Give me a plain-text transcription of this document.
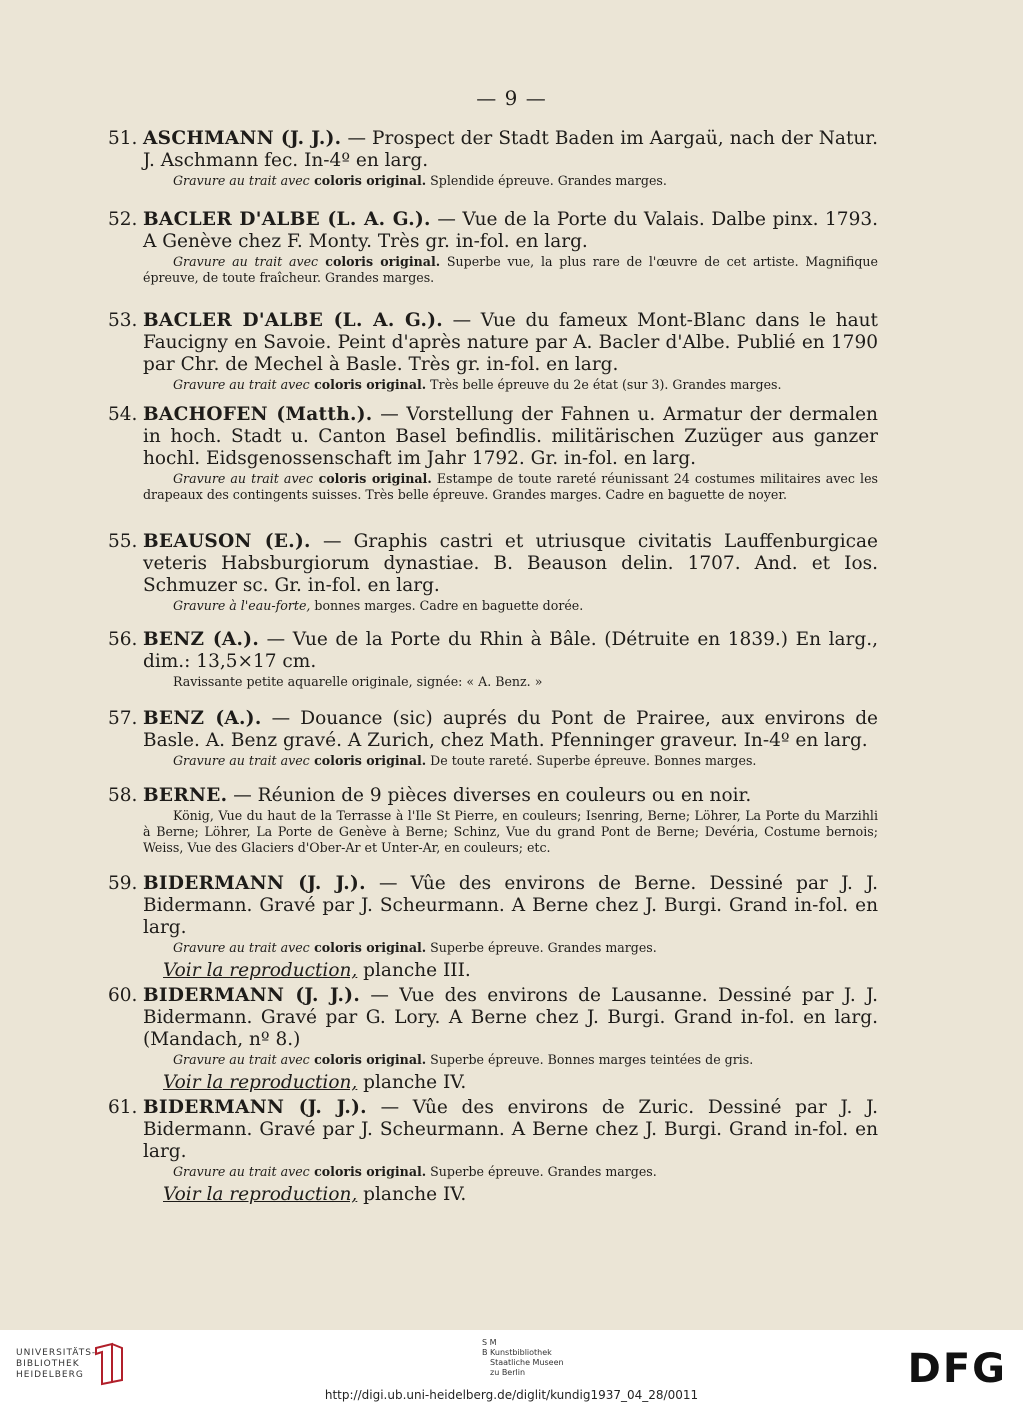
— 9 —
51. ASCHMANN (J. J.). — Prospect der Stadt Baden im Aargaü, nach der Natur. J. Aschmann fec. In-4º en larg.
Gravure au trait avec coloris original. Splendide épreuve. Grandes marges.
52. BACLER D'ALBE (L. A. G.). — Vue de la Porte du Valais. Dalbe pinx. 1793. A Genève chez F. Monty. Très gr. in-fol. en larg.
Gravure au trait avec coloris original. Superbe vue, la plus rare de l'œuvre de cet artiste. Magnifique épreuve, de toute fraîcheur. Grandes marges.
53. BACLER D'ALBE (L. A. G.). — Vue du fameux Mont-Blanc dans le haut Faucigny en Savoie. Peint d'après nature par A. Bacler d'Albe. Publié en 1790 par Chr. de Mechel à Basle. Très gr. in-fol. en larg.
Gravure au trait avec coloris original. Très belle épreuve du 2e état (sur 3). Grandes marges.
54. BACHOFEN (Matth.). — Vorstellung der Fahnen u. Armatur der dermalen in hoch. Stadt u. Canton Basel befindlis. militärischen Zuzüger aus ganzer hochl. Eidsgenossenschaft im Jahr 1792. Gr. in-fol. en larg.
Gravure au trait avec coloris original. Estampe de toute rareté réunissant 24 costumes militaires avec les drapeaux des contingents suisses. Très belle épreuve. Grandes marges. Cadre en baguette de noyer.
55. BEAUSON (E.). — Graphis castri et utriusque civitatis Lauffenburgicae veteris Habsburgiorum dynastiae. B. Beauson delin. 1707. And. et Ios. Schmuzer sc. Gr. in-fol. en larg.
Gravure à l'eau-forte, bonnes marges. Cadre en baguette dorée.
56. BENZ (A.). — Vue de la Porte du Rhin à Bâle. (Détruite en 1839.) En larg., dim.: 13,5×17 cm.
Ravissante petite aquarelle originale, signée: « A. Benz. »
57. BENZ (A.). — Douance (sic) auprés du Pont de Prairee, aux environs de Basle. A. Benz gravé. A Zurich, chez Math. Pfenninger graveur. In-4º en larg.
Gravure au trait avec coloris original. De toute rareté. Superbe épreuve. Bonnes marges.
58. BERNE. — Réunion de 9 pièces diverses en couleurs ou en noir.
König, Vue du haut de la Terrasse à l'Ile St Pierre, en couleurs; Isenring, Berne; Löhrer, La Porte du Marzihli à Berne; Löhrer, La Porte de Genève à Berne; Schinz, Vue du grand Pont de Berne; Devéria, Costume bernois; Weiss, Vue des Glaciers d'Ober-Ar et Unter-Ar, en couleurs; etc.
59. BIDERMANN (J. J.). — Vûe des environs de Berne. Dessiné par J. J. Bidermann. Gravé par J. Scheurmann. A Berne chez J. Burgi. Grand in-fol. en larg.
Gravure au trait avec coloris original. Superbe épreuve. Grandes marges.
Voir la reproduction, planche III.
60. BIDERMANN (J. J.). — Vue des environs de Lausanne. Dessiné par J. J. Bidermann. Gravé par G. Lory. A Berne chez J. Burgi. Grand in-fol. en larg. (Mandach, nº 8.)
Gravure au trait avec coloris original. Superbe épreuve. Bonnes marges teintées de gris.
Voir la reproduction, planche IV.
61. BIDERMANN (J. J.). — Vûe des environs de Zuric. Dessiné par J. J. Bidermann. Gravé par J. Scheurmann. A Berne chez J. Burgi. Grand in-fol. en larg.
Gravure au trait avec coloris original. Superbe épreuve. Grandes marges.
Voir la reproduction, planche IV.
UNIVERSITÄTS-
BIBLIOTHEK
HEIDELBERG
S M
B Kunstbibliothek
Staatliche Museen
zu Berlin	DFG
http://digi.ub.uni-heidelberg.de/diglit/kundig1937_04_28/0011
